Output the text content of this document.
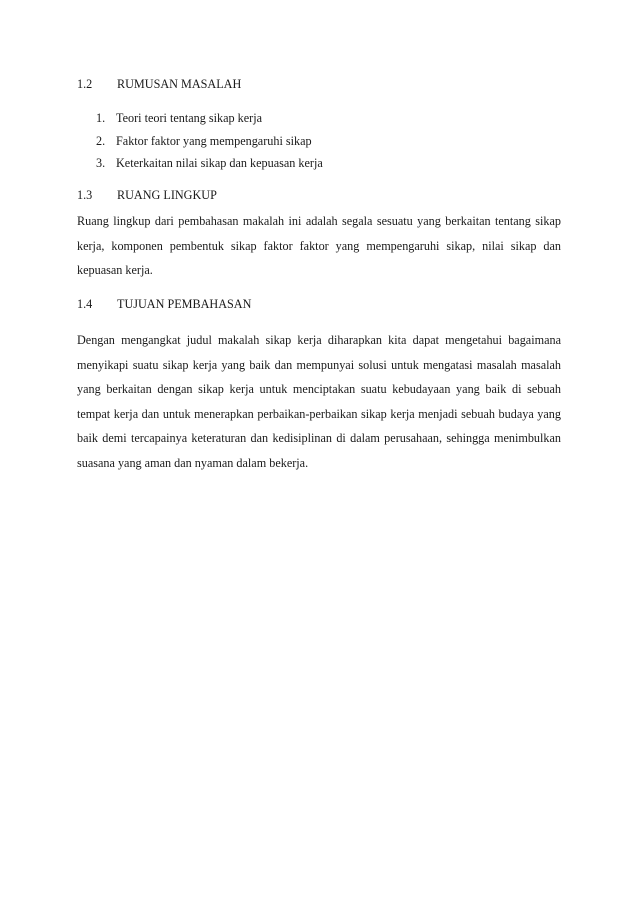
1.2 RUMUSAN MASALAH
1. Teori teori tentang sikap kerja
2. Faktor faktor yang mempengaruhi sikap
3. Keterkaitan nilai sikap dan kepuasan kerja
1.3 RUANG LINGKUP

Ruang lingkup dari pembahasan makalah ini adalah segala sesuatu yang berkaitan tentang sikap kerja, komponen pembentuk sikap faktor faktor yang mempengaruhi sikap, nilai sikap dan kepuasan kerja.

1.4 TUJUAN PEMBAHASAN

Dengan mengangkat judul makalah sikap kerja diharapkan kita dapat mengetahui bagaimana menyikapi suatu sikap kerja yang baik dan mempunyai solusi untuk mengatasi masalah masalah yang berkaitan dengan sikap kerja untuk menciptakan suatu kebudayaan yang baik di sebuah tempat kerja dan untuk menerapkan perbaikan-perbaikan sikap kerja menjadi sebuah budaya yang baik demi tercapainya keteraturan dan kedisiplinan di dalam perusahaan, sehingga menimbulkan suasana yang aman dan nyaman dalam bekerja.
